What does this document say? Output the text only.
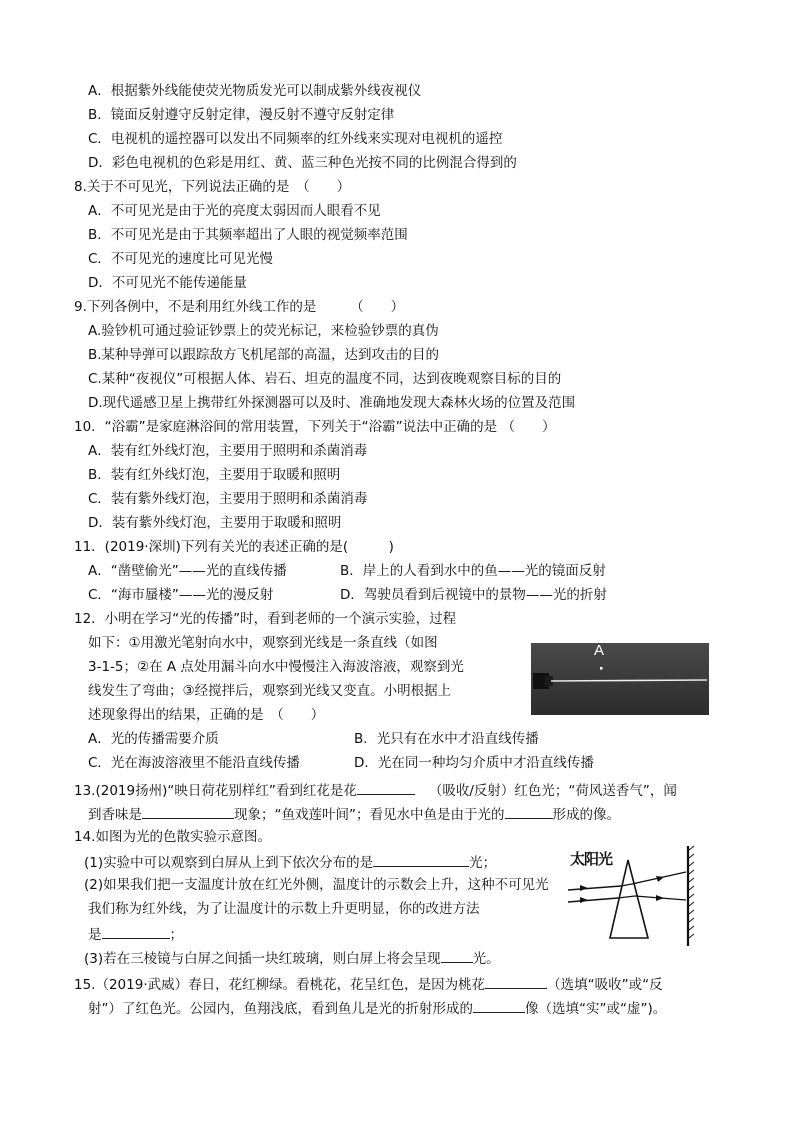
A．根据紫外线能使荧光物质发光可以制成紫外线夜视仪
B．镜面反射遵守反射定律，漫反射不遵守反射定律
C．电视机的遥控器可以发出不同频率的红外线来实现对电视机的遥控
D．彩色电视机的色彩是用红、黄、蓝三种色光按不同的比例混合得到的
8.关于不可见光，下列说法正确的是　（　　）
A．不可见光是由于光的亮度太弱因而人眼看不见
B．不可见光是由于其频率超出了人眼的视觉频率范围
C．不可见光的速度比可见光慢
D．不可见光不能传递能量
9.下列各例中，不是利用红外线工作的是　　　（　　）
A.验钞机可通过验证钞票上的荧光标记，来检验钞票的真伪
B.某种导弹可以跟踪敌方飞机尾部的高温，达到攻击的目的
C.某种“夜视仪”可根据人体、岩石、坦克的温度不同，达到夜晚观察目标的目的
D.现代遥感卫星上携带红外探测器可以及时、准确地发现大森林火场的位置及范围
10．“浴霸”是家庭淋浴间的常用装置，下列关于“浴霸”说法中正确的是 （　　）
A．装有红外线灯泡，主要用于照明和杀菌消毒
B．装有红外线灯泡，主要用于取暖和照明
C．装有紫外线灯泡，主要用于照明和杀菌消毒
D．装有紫外线灯泡，主要用于取暖和照明
11．(2019·深圳)下列有关光的表述正确的是(　　　)
A．“凿壁偷光”——光的直线传播	B．岸上的人看到水中的鱼——光的镜面反射
C．“海市蜃楼”——光的漫反射	D．驾驶员看到后视镜中的景物——光的折射
12．小明在学习“光的传播”时，看到老师的一个演示实验，过程
如下：①用激光笔射向水中，观察到光线是一条直线（如图
3-1-5；②在 A 点处用漏斗向水中慢慢注入海波溶液，观察到光
线发生了弯曲；③经搅拌后，观察到光线又变直。小明根据上
述现象得出的结果，正确的是　（　　）
A．光的传播需要介质	B．光只有在水中才沿直线传播
C．光在海波溶液里不能沿直线传播	D．光在同一种均匀介质中才沿直线传播
A
13.(2019扬州)“映日荷花别样红”看到红花是花	（吸收/反射）红色光；“荷风送香气”，闻
到香味是	现象；“鱼戏莲叶间”；看见水中鱼是由于光的	形成的像。
14.如图为光的色散实验示意图。
(1)实验中可以观察到白屏从上到下依次分布的是	光；
(2)如果我们把一支温度计放在红光外侧，温度计的示数会上升，这种不可见光
我们称为红外线，为了让温度计的示数上升更明显，你的改进方法
是	；
(3)若在三棱镜与白屏之间插一块红玻璃，则白屏上将会呈现 光。
太阳光
15.（2019·武威）春日，花红柳绿。看桃花，花呈红色，是因为桃花	（选填“吸收”或“反
射”）了红色光。公园内，鱼翔浅底，看到鱼儿是光的折射形成的	像（选填“实”或“虚”)。
